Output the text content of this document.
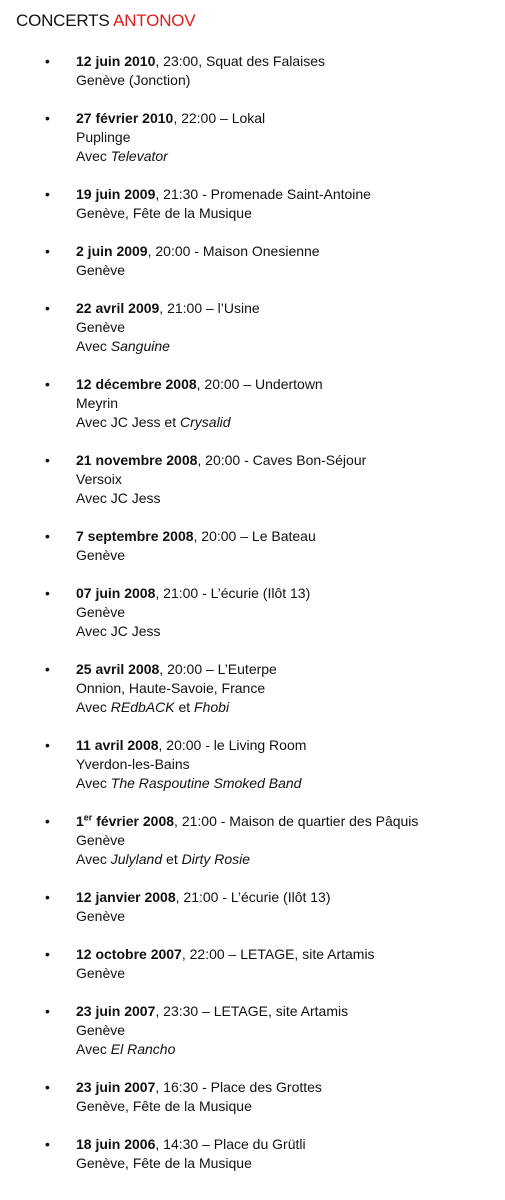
CONCERTS ANTONOV
• 12 juin 2010, 23:00, Squat des Falaises
Genève (Jonction)
• 27 février 2010, 22:00 – Lokal
Puplinge
Avec Televator
• 19 juin 2009, 21:30 - Promenade Saint-Antoine
Genève, Fête de la Musique
• 2 juin 2009, 20:00 - Maison Onesienne
Genève
• 22 avril 2009, 21:00 – l’Usine
Genève
Avec Sanguine
• 12 décembre 2008, 20:00 – Undertown
Meyrin
Avec JC Jess et Crysalid
• 21 novembre 2008, 20:00 - Caves Bon-Séjour
Versoix
Avec JC Jess
• 7 septembre 2008, 20:00 – Le Bateau
Genève
• 07 juin 2008, 21:00 - L’écurie (Ilôt 13)
Genève
Avec JC Jess
• 25 avril 2008, 20:00 – L’Euterpe
Onnion, Haute-Savoie, France
Avec REdbACK et Fhobi
• 11 avril 2008, 20:00 - le Living Room
Yverdon-les-Bains
Avec The Raspoutine Smoked Band
• 1er février 2008, 21:00 - Maison de quartier des Pâquis
Genève
Avec Julyland et Dirty Rosie
• 12 janvier 2008, 21:00 - L’écurie (Ilôt 13)
Genève
• 12 octobre 2007, 22:00 – LETAGE, site Artamis
Genève
• 23 juin 2007, 23:30 – LETAGE, site Artamis
Genève
Avec El Rancho
• 23 juin 2007, 16:30 - Place des Grottes
Genève, Fête de la Musique
• 18 juin 2006, 14:30 – Place du Grütli
Genève, Fête de la Musique
